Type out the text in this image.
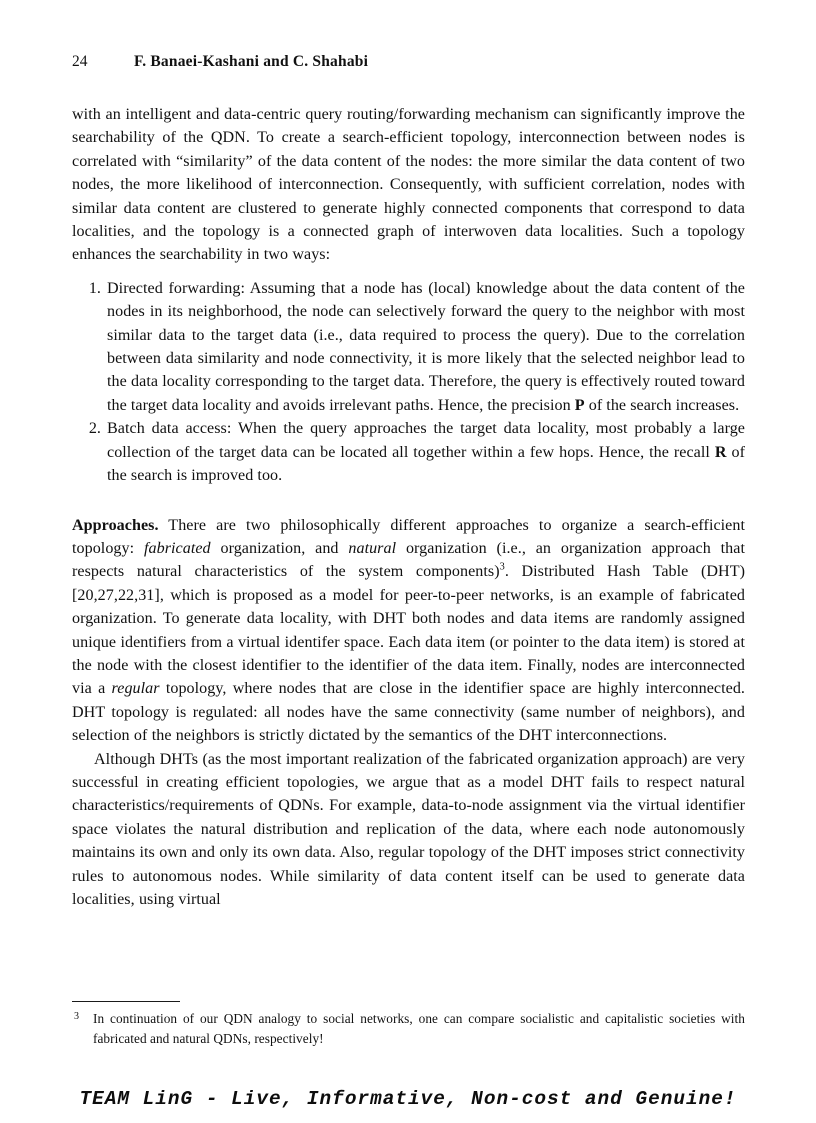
24	F. Banaei-Kashani and C. Shahabi

with an intelligent and data-centric query routing/forwarding mechanism can significantly improve the searchability of the QDN. To create a search-efficient topology, interconnection between nodes is correlated with “similarity” of the data content of the nodes: the more similar the data content of two nodes, the more likelihood of interconnection. Consequently, with sufficient correlation, nodes with similar data content are clustered to generate highly connected components that correspond to data localities, and the topology is a connected graph of interwoven data localities. Such a topology enhances the searchability in two ways:

1. Directed forwarding: Assuming that a node has (local) knowledge about the data content of the nodes in its neighborhood, the node can selectively forward the query to the neighbor with most similar data to the target data (i.e., data required to process the query). Due to the correlation between data similarity and node connectivity, it is more likely that the selected neighbor lead to the data locality corresponding to the target data. Therefore, the query is effectively routed toward the target data locality and avoids irrelevant paths. Hence, the precision P of the search increases.
2. Batch data access: When the query approaches the target data locality, most probably a large collection of the target data can be located all together within a few hops. Hence, the recall R of the search is improved too.

Approaches. There are two philosophically different approaches to organize a search-efficient topology: fabricated organization, and natural organization (i.e., an organization approach that respects natural characteristics of the system components)$^3$. Distributed Hash Table (DHT) [20,27,22,31], which is proposed as a model for peer-to-peer networks, is an example of fabricated organization. To generate data locality, with DHT both nodes and data items are randomly assigned unique identifiers from a virtual identifer space. Each data item (or pointer to the data item) is stored at the node with the closest identifier to the identifier of the data item. Finally, nodes are interconnected via a regular topology, where nodes that are close in the identifier space are highly interconnected. DHT topology is regulated: all nodes have the same connectivity (same number of neighbors), and selection of the neighbors is strictly dictated by the semantics of the DHT interconnections.

Although DHTs (as the most important realization of the fabricated organization approach) are very successful in creating efficient topologies, we argue that as a model DHT fails to respect natural characteristics/requirements of QDNs. For example, data-to-node assignment via the virtual identifier space violates the natural distribution and replication of the data, where each node autonomously maintains its own and only its own data. Also, regular topology of the DHT imposes strict connectivity rules to autonomous nodes. While similarity of data content itself can be used to generate data localities, using virtual

3 In continuation of our QDN analogy to social networks, one can compare socialistic and capitalistic societies with fabricated and natural QDNs, respectively!
TEAM LinG - Live, Informative, Non-cost and Genuine!
